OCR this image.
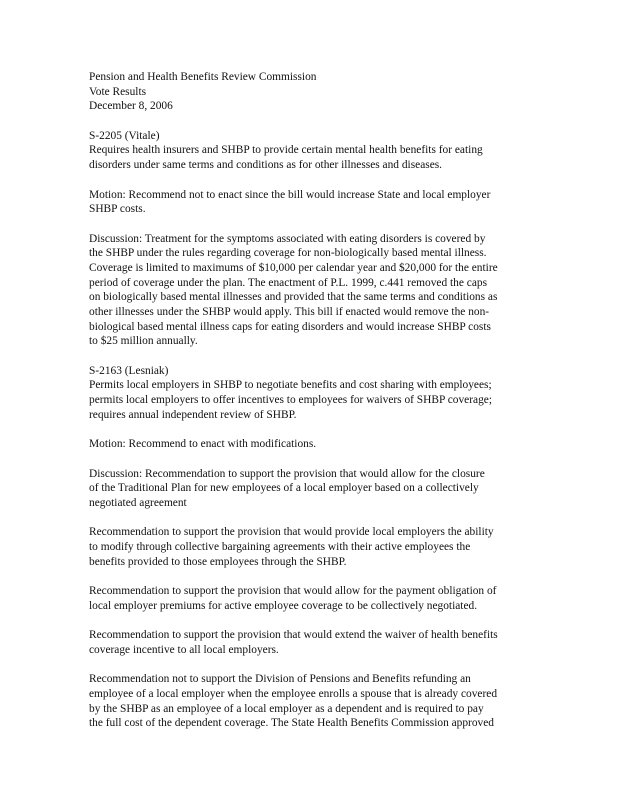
Pension and Health Benefits Review Commission
Vote Results
December 8, 2006
S-2205 (Vitale)
Requires health insurers and SHBP to provide certain mental health benefits for eating
disorders under same terms and conditions as for other illnesses and diseases.
Motion: Recommend not to enact since the bill would increase State and local employer
SHBP costs.
Discussion: Treatment for the symptoms associated with eating disorders is covered by
the SHBP under the rules regarding coverage for non-biologically based mental illness.
Coverage is limited to maximums of $10,000 per calendar year and $20,000 for the entire
period of coverage under the plan. The enactment of P.L. 1999, c.441 removed the caps
on biologically based mental illnesses and provided that the same terms and conditions as
other illnesses under the SHBP would apply. This bill if enacted would remove the non-
biological based mental illness caps for eating disorders and would increase SHBP costs
to $25 million annually.
S-2163 (Lesniak)
Permits local employers in SHBP to negotiate benefits and cost sharing with employees;
permits local employers to offer incentives to employees for waivers of SHBP coverage;
requires annual independent review of SHBP.
Motion: Recommend to enact with modifications.
Discussion: Recommendation to support the provision that would allow for the closure
of the Traditional Plan for new employees of a local employer based on a collectively
negotiated agreement
Recommendation to support the provision that would provide local employers the ability
to modify through collective bargaining agreements with their active employees the
benefits provided to those employees through the SHBP.
Recommendation to support the provision that would allow for the payment obligation of
local employer premiums for active employee coverage to be collectively negotiated.
Recommendation to support the provision that would extend the waiver of health benefits
coverage incentive to all local employers.
Recommendation not to support the Division of Pensions and Benefits refunding an
employee of a local employer when the employee enrolls a spouse that is already covered
by the SHBP as an employee of a local employer as a dependent and is required to pay
the full cost of the dependent coverage. The State Health Benefits Commission approved
